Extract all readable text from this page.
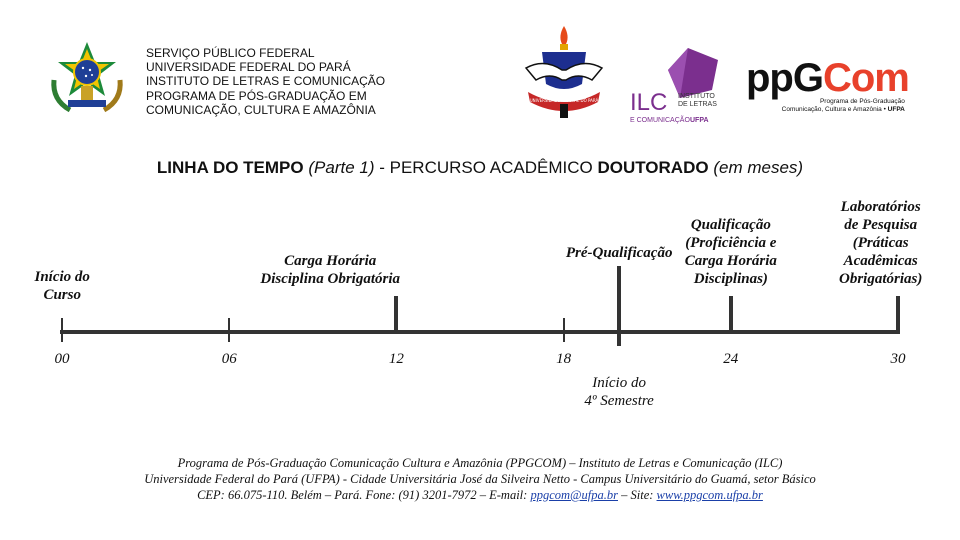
SERVIÇO PÚBLICO FEDERAL
UNIVERSIDADE FEDERAL DO PARÁ
INSTITUTO DE LETRAS E COMUNICAÇÃO
PROGRAMA DE PÓS-GRADUAÇÃO EM
COMUNICAÇÃO, CULTURA E AMAZÔNIA
UNIVERSIDADE FEDERAL DO PARÁ ILC INSTITUTO
DE LETRAS
E COMUNICAÇÃO UFPA
ppGCom
Programa de Pós-Graduação
Comunicação, Cultura e Amazônia • UFPA
LINHA DO TEMPO (Parte 1) - PERCURSO ACADÊMICO DOUTORADO (em meses)
00	06	12	18	24	30
Início do
Curso
Carga Horária
Disciplina Obrigatória
Pré-Qualificação
Qualificação
(Proficiência e
Carga Horária
Disciplinas)
Laboratórios
de Pesquisa
(Práticas
Acadêmicas
Obrigatórias)
Início do
4º Semestre
Programa de Pós-Graduação Comunicação Cultura e Amazônia (PPGCOM) – Instituto de Letras e Comunicação (ILC)
Universidade Federal do Pará (UFPA) - Cidade Universitária José da Silveira Netto - Campus Universitário do Guamá, setor Básico
CEP: 66.075-110. Belém – Pará. Fone: (91) 3201-7972 – E-mail: ppgcom@ufpa.br – Site: www.ppgcom.ufpa.br
